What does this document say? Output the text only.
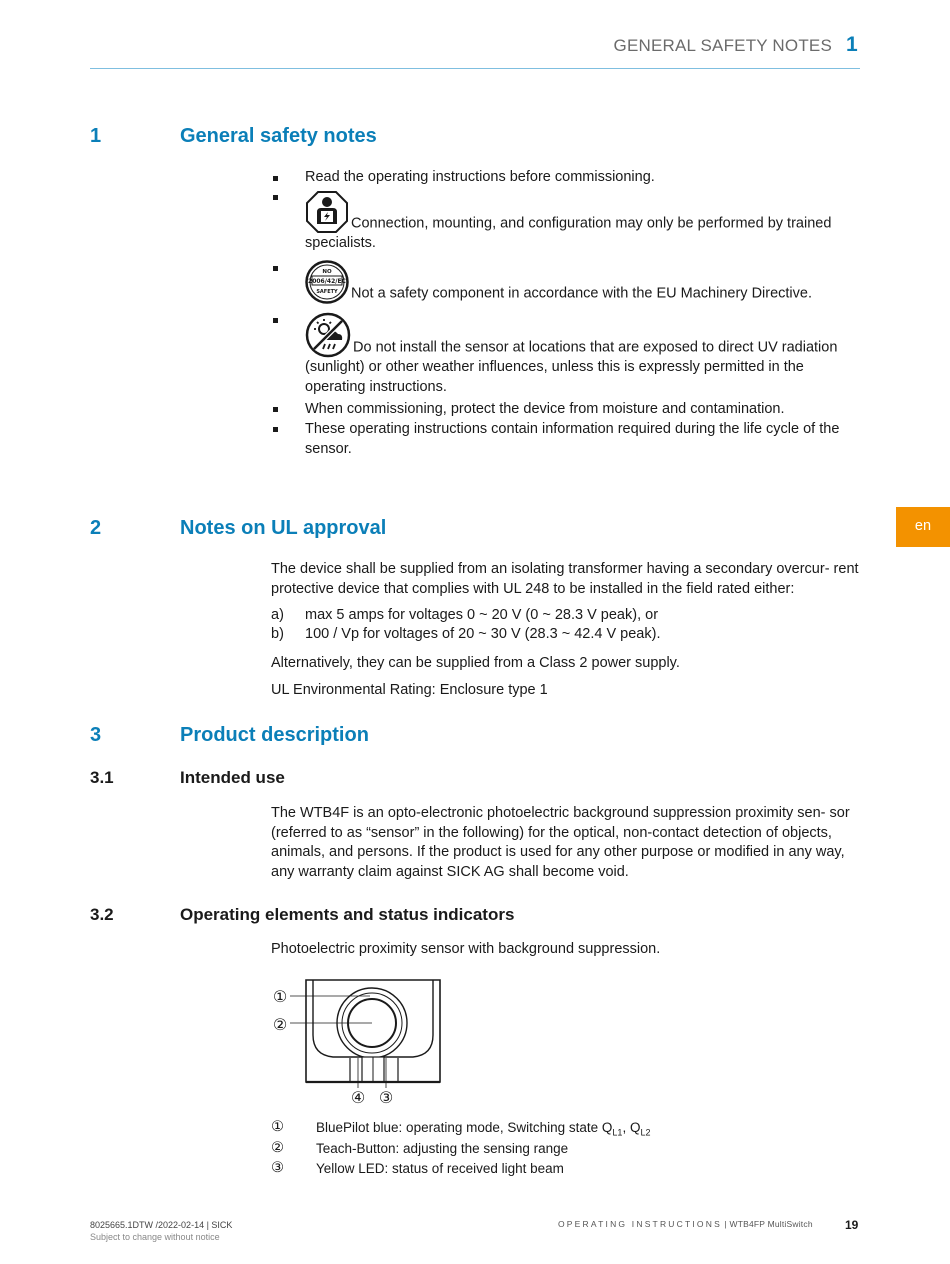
GENERAL SAFETY NOTES 1
en
1	General safety notes
Read the operating instructions before commissioning.
Connection, mounting, and configuration may only be performed by trained specialists.
NO
2006/42/EC
SAFETY Not a safety component in accordance with the EU Machinery Directive.
Do not install the sensor at locations that are exposed to direct UV radiation (sunlight) or other weather influences, unless this is expressly permitted in the operating instructions.
When commissioning, protect the device from moisture and contamination.
These operating instructions contain information required during the life cycle of the sensor.
2	Notes on UL approval
The device shall be supplied from an isolating transformer having a secondary overcur- rent protective device that complies with UL 248 to be installed in the field rated either:
a) max 5 amps for voltages 0 ~ 20 V (0 ~ 28.3 V peak), or
b) 100 / Vp for voltages of 20 ~ 30 V (28.3 ~ 42.4 V peak).
Alternatively, they can be supplied from a Class 2 power supply.
UL Environmental Rating: Enclosure type 1
3	Product description
3.1	Intended use
The WTB4F is an opto-electronic photoelectric background suppression proximity sen- sor (referred to as “sensor” in the following) for the optical, non-contact detection of objects, animals, and persons. If the product is used for any other purpose or modified in any way, any warranty claim against SICK AG shall become void.
3.2	Operating elements and status indicators
Photoelectric proximity sensor with background suppression.
①
②
④ ③
① BluePilot blue: operating mode, Switching state $Q_{L1}$, $Q_{L2}$
② Teach-Button: adjusting the sensing range
③ Yellow LED: status of received light beam
8025665.1DTW /2022-02-14 | SICK
Subject to change without notice
OPERATING INSTRUCTIONS | WTB4FP MultiSwitch	19
